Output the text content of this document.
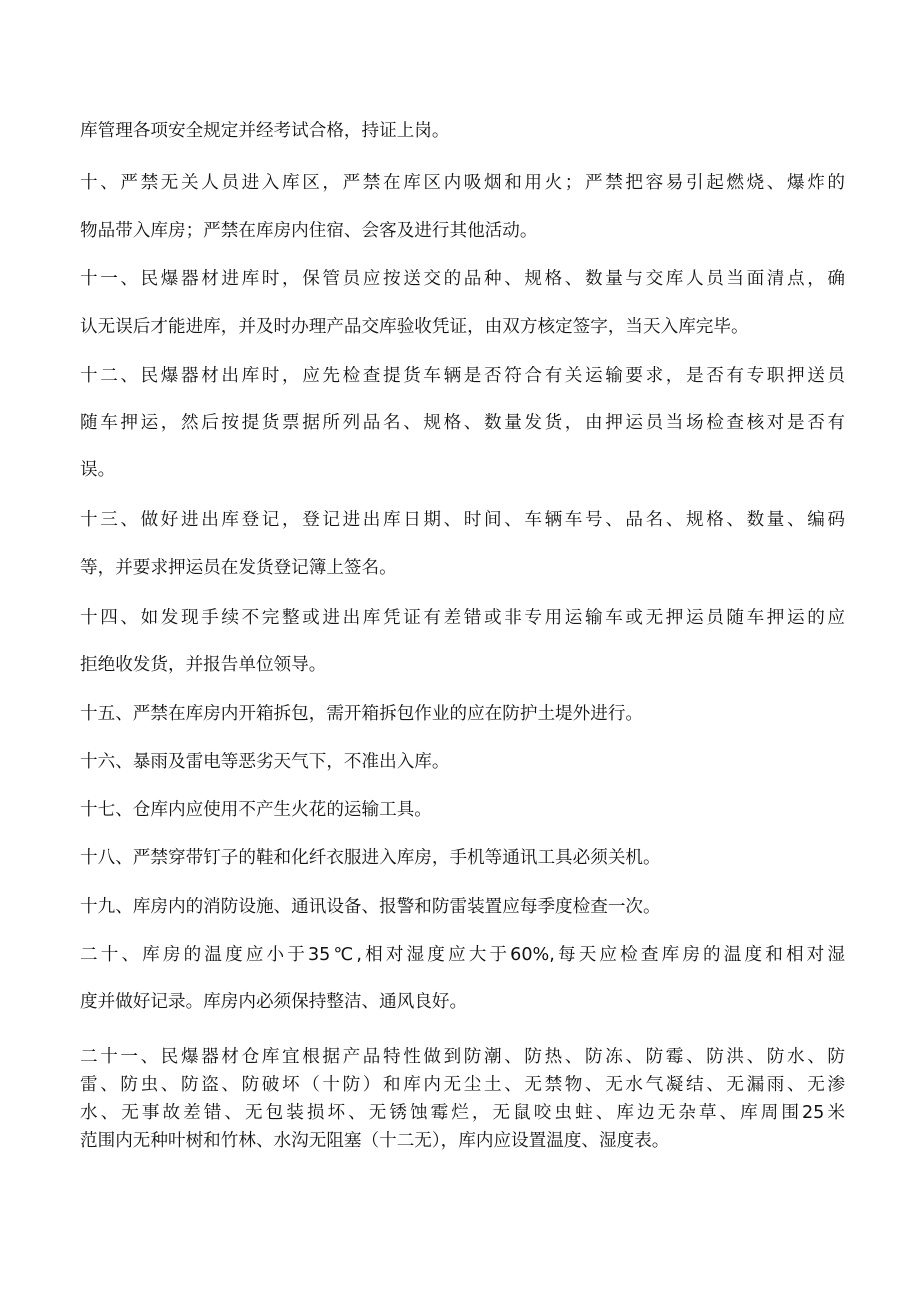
库管理各项安全规定并经考试合格，持证上岗。
十、严禁无关人员进入库区，严禁在库区内吸烟和用火；严禁把容易引起燃烧、爆炸的
物品带入库房；严禁在库房内住宿、会客及进行其他活动。
十一、民爆器材进库时，保管员应按送交的品种、规格、数量与交库人员当面清点，确
认无误后才能进库，并及时办理产品交库验收凭证，由双方核定签字，当天入库完毕。
十二、民爆器材出库时，应先检查提货车辆是否符合有关运输要求，是否有专职押送员
随车押运，然后按提货票据所列品名、规格、数量发货，由押运员当场检查核对是否有
误。
十三、做好进出库登记，登记进出库日期、时间、车辆车号、品名、规格、数量、编码
等，并要求押运员在发货登记簿上签名。
十四、如发现手续不完整或进出库凭证有差错或非专用运输车或无押运员随车押运的应
拒绝收发货，并报告单位领导。
十五、严禁在库房内开箱拆包，需开箱拆包作业的应在防护土堤外进行。
十六、暴雨及雷电等恶劣天气下，不准出入库。
十七、仓库内应使用不产生火花的运输工具。
十八、严禁穿带钉子的鞋和化纤衣服进入库房，手机等通讯工具必须关机。
十九、库房内的消防设施、通讯设备、报警和防雷装置应每季度检查一次。
二十、库房的温度应小于35℃,相对湿度应大于60%,每天应检查库房的温度和相对湿
度并做好记录。库房内必须保持整洁、通风良好。
二十一、民爆器材仓库宜根据产品特性做到防潮、防热、防冻、防霉、防洪、防水、防
雷、防虫、防盗、防破坏（十防）和库内无尘土、无禁物、无水气凝结、无漏雨、无渗
水、无事故差错、无包装损坏、无锈蚀霉烂，无鼠咬虫蛀、库边无杂草、库周围25米
范围内无种叶树和竹林、水沟无阻塞（十二无），库内应设置温度、湿度表。
